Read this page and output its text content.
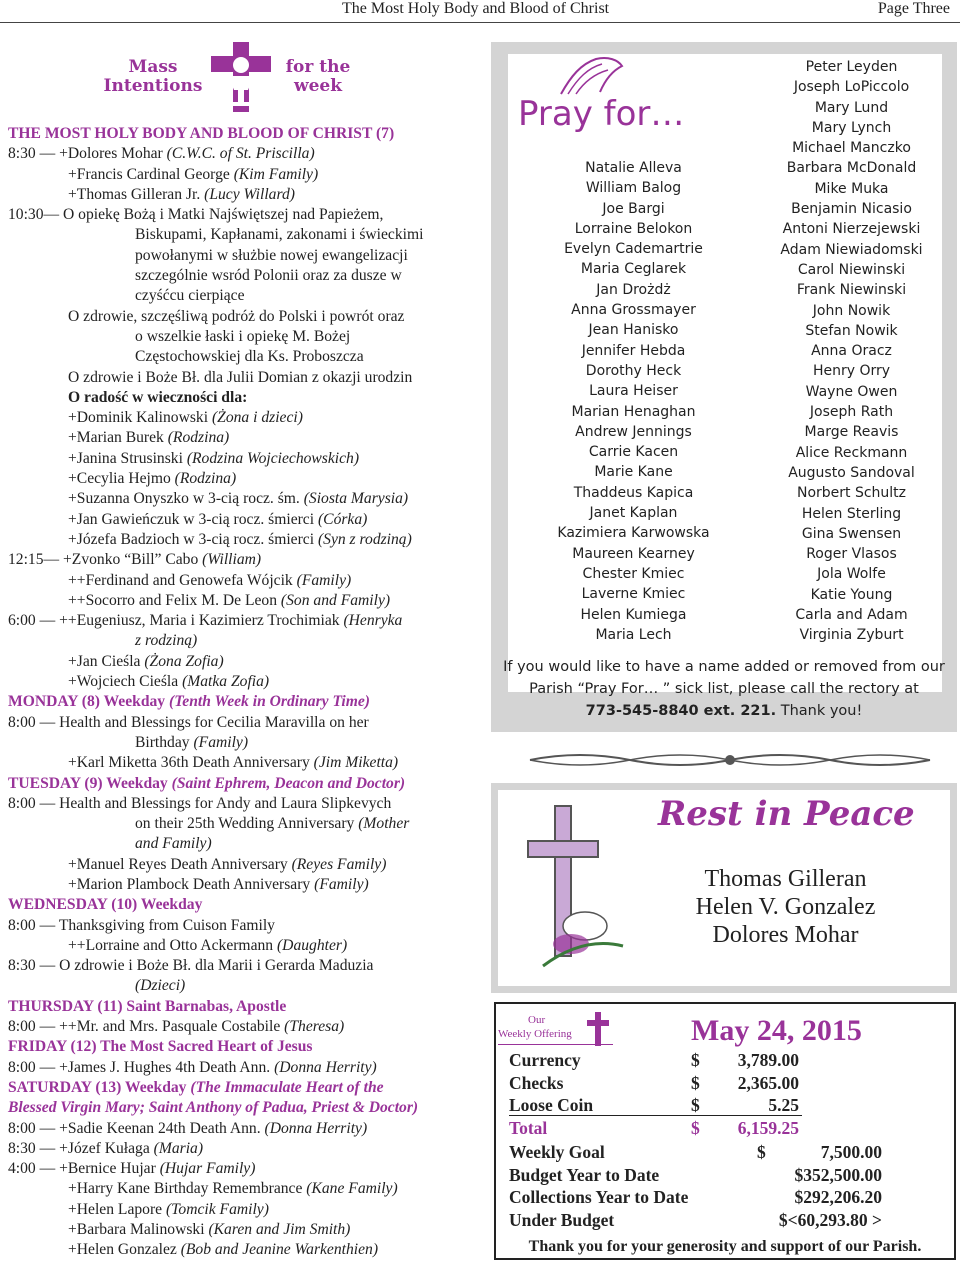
The Most Holy Body and Blood of Christ	Page Three
Mass
Intentions
for the
week
THE MOST HOLY BODY AND BLOOD OF CHRIST (7)
8:30 — +Dolores Mohar (C.W.C. of St. Priscilla)
+Francis Cardinal George (Kim Family)
+Thomas Gilleran Jr. (Lucy Willard)
10:30— O opiekę Bożą i Matki Najświętszej nad Papieżem,
Biskupami, Kapłanami, zakonami i świeckimi
powołanymi w służbie nowej ewangelizacji
szczególnie wsród Polonii oraz za dusze w
czyśćcu cierpiące
O zdrowie, szczęśliwą podróż do Polski i powrót oraz
o wszelkie łaski i opiekę M. Bożej
Częstochowskiej dla Ks. Proboszcza
O zdrowie i Boże Bł. dla Julii Domian z okazji urodzin
O radość w wieczności dla:
+Dominik Kalinowski (Żona i dzieci)
+Marian Burek (Rodzina)
+Janina Strusinski (Rodzina Wojciechowskich)
+Cecylia Hejmo (Rodzina)
+Suzanna Onyszko w 3-cią rocz. śm. (Siosta Marysia)
+Jan Gawieńczuk w 3-cią rocz. śmierci (Córka)
+Józefa Badzioch w 3-cią rocz. śmierci (Syn z rodziną)
12:15— +Zvonko “Bill” Cabo (William)
++Ferdinand and Genowefa Wójcik (Family)
++Socorro and Felix M. De Leon (Son and Family)
6:00 — ++Eugeniusz, Maria i Kazimierz Trochimiak (Henryka
z rodziną)
+Jan Cieśla (Żona Zofia)
+Wojciech Cieśla (Matka Zofia)
MONDAY (8) Weekday (Tenth Week in Ordinary Time)
8:00 — Health and Blessings for Cecilia Maravilla on her
Birthday (Family)
+Karl Miketta 36th Death Anniversary (Jim Miketta)
TUESDAY (9) Weekday (Saint Ephrem, Deacon and Doctor)
8:00 — Health and Blessings for Andy and Laura Slipkevych
on their 25th Wedding Anniversary (Mother
and Family)
+Manuel Reyes Death Anniversary (Reyes Family)
+Marion Plambock Death Anniversary (Family)
WEDNESDAY (10) Weekday
8:00 — Thanksgiving from Cuison Family
++Lorraine and Otto Ackermann (Daughter)
8:30 — O zdrowie i Boże Bł. dla Marii i Gerarda Maduzia
(Dzieci)
THURSDAY (11) Saint Barnabas, Apostle
8:00 — ++Mr. and Mrs. Pasquale Costabile (Theresa)
FRIDAY (12) The Most Sacred Heart of Jesus
8:00 — +James J. Hughes 4th Death Ann. (Donna Herrity)
SATURDAY (13) Weekday (The Immaculate Heart of the
Blessed Virgin Mary; Saint Anthony of Padua, Priest & Doctor)
8:00 — +Sadie Keenan 24th Death Ann. (Donna Herrity)
8:30 — +Józef Kułaga (Maria)
4:00 — +Bernice Hujar (Hujar Family)
+Harry Kane Birthday Remembrance (Kane Family)
+Helen Lapore (Tomcik Family)
+Barbara Malinowski (Karen and Jim Smith)
+Helen Gonzalez (Bob and Jeanine Warkenthien)
Pray for…
Natalie Alleva
William Balog
Joe Bargi
Lorraine Belokon
Evelyn Cademartrie
Maria Ceglarek
Jan Drożdż
Anna Grossmayer
Jean Hanisko
Jennifer Hebda
Dorothy Heck
Laura Heiser
Marian Henaghan
Andrew Jennings
Carrie Kacen
Marie Kane
Thaddeus Kapica
Janet Kaplan
Kazimiera Karwowska
Maureen Kearney
Chester Kmiec
Laverne Kmiec
Helen Kumiega
Maria Lech
Peter Leyden
Joseph LoPiccolo
Mary Lund
Mary Lynch
Michael Manczko
Barbara McDonald
Mike Muka
Benjamin Nicasio
Antoni Nierzejewski
Adam Niewiadomski
Carol Niewinski
Frank Niewinski
John Nowik
Stefan Nowik
Anna Oracz
Henry Orry
Wayne Owen
Joseph Rath
Marge Reavis
Alice Reckmann
Augusto Sandoval
Norbert Schultz
Helen Sterling
Gina Swensen
Roger Vlasos
Jola Wolfe
Katie Young
Carla and Adam
Virginia Zyburt
If you would like to have a name added or removed from our
Parish “Pray For… ” sick list, please call the rectory at
773-545-8840 ext. 221. Thank you!
Rest in Peace
Thomas Gilleran
Helen V. Gonzalez
Dolores Mohar
Our
Weekly Offering	May 24, 2015
Currency	$	3,789.00
Checks	$	2,365.00
Loose Coin	$	5.25
Total	$	6,159.25
Weekly Goal	$	7,500.00
Budget Year to Date	$352,500.00
Collections Year to Date	$292,206.20
Under Budget	$<60,293.80 >
Thank you for your generosity and support of our Parish.
